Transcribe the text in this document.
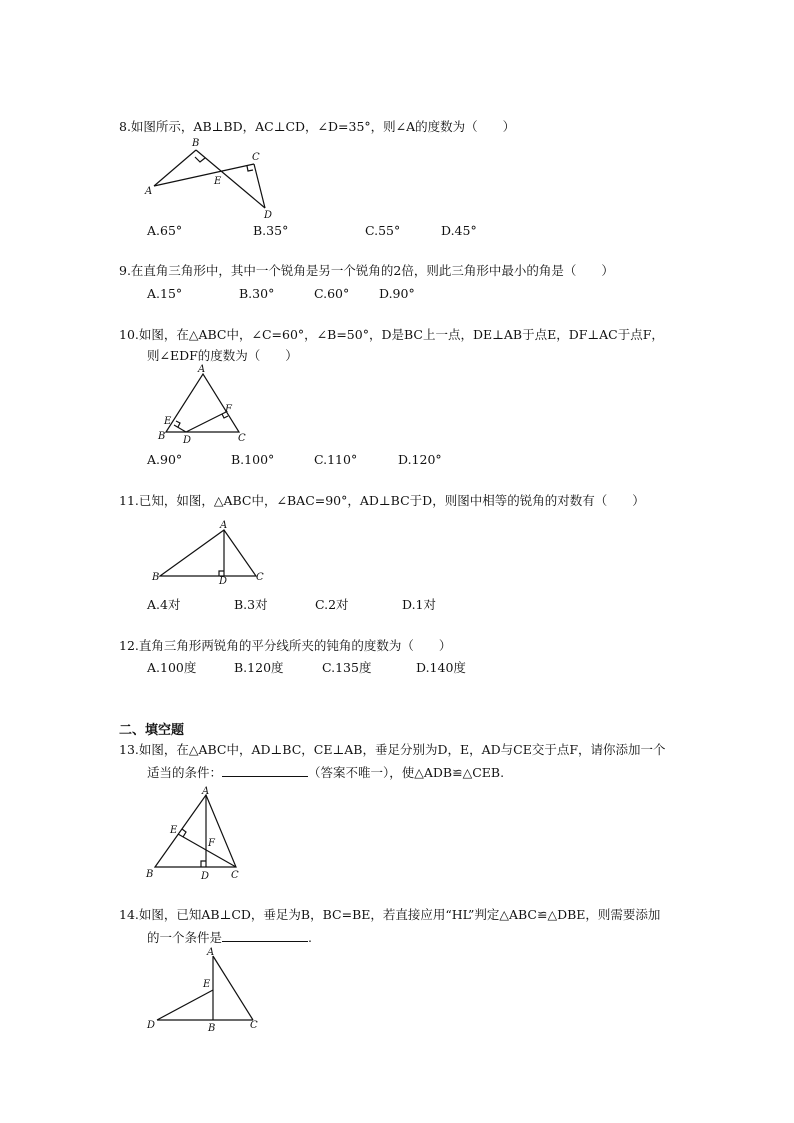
8.如图所示，AB⊥BD，AC⊥CD，∠D=35°，则∠A的度数为（　　）
A
B
C
D
E
A.65°	B.35°	C.55°	D.45°
9.在直角三角形中，其中一个锐角是另一个锐角的2倍，则此三角形中最小的角是（　　）
A.15°	B.30°	C.60° D.90°
10.如图，在△ABC中，∠C=60°，∠B=50°，D是BC上一点，DE⊥AB于点E，DF⊥AC于点F，
则∠EDF的度数为（　　）
A
B	C
D
E
F
A.90°	B.100°	C.110°	D.120°
11.已知，如图，△ABC中，∠BAC=90°，AD⊥BC于D，则图中相等的锐角的对数有（　　）
A
B	C
D
A.4对	B.3对	C.2对	D.1对
12.直角三角形两锐角的平分线所夹的钝角的度数为（　　）
A.100度	B.120度	C.135度	D.140度
二、填空题
13.如图，在△ABC中，AD⊥BC，CE⊥AB，垂足分别为D，E，AD与CE交于点F，请你添加一个
适当的条件：	（答案不唯一），使△ADB≌△CEB.
A
B	C
D
E
F
14.如图，已知AB⊥CD，垂足为B，BC=BE，若直接应用“HL”判定△ABC≌△DBE，则需要添加
的一个条件是	.
A
B	C
D
E
